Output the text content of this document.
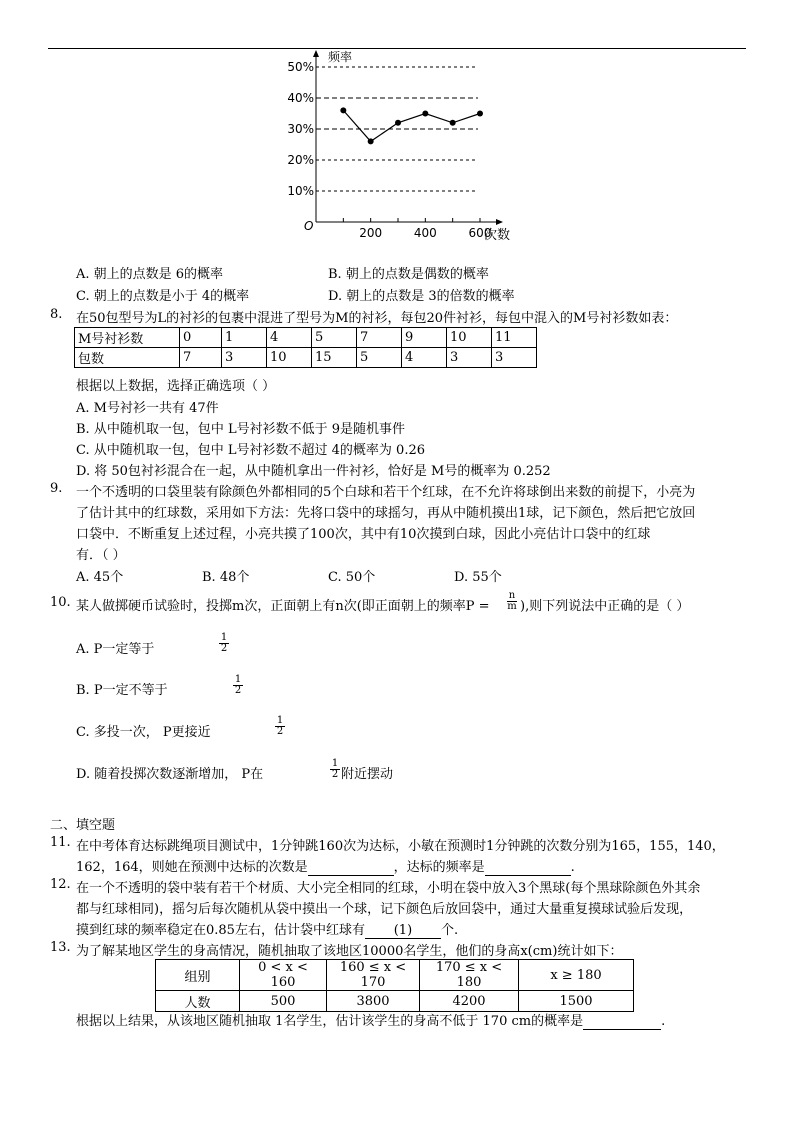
频率
次数
O
10%
20%
30%
40%
50%
200	400	600
A. 朝上的点数是 6的概率	B. 朝上的点数是偶数的概率
C. 朝上的点数是小于 4的概率	D. 朝上的点数是 3的倍数的概率
8. 在50包型号为L的衬衫的包裹中混进了型号为M的衬衫，每包20件衬衫，每包中混入的M号衬衫数如表：
M号衬衫数	0	1	4	5	7	9	10	11
包数	7	3	10	15	5	4	3	3
根据以上数据，选择正确选项（ ）
A. M号衬衫一共有 47件
B. 从中随机取一包，包中 L号衬衫数不低于 9是随机事件
C. 从中随机取一包，包中 L号衬衫数不超过 4的概率为 0.26
D. 将 50包衬衫混合在一起，从中随机拿出一件衬衫，恰好是 M号的概率为 0.252
9. 一个不透明的口袋里装有除颜色外都相同的5个白球和若干个红球，在不允许将球倒出来数的前提下，小亮为
了估计其中的红球数，采用如下方法：先将口袋中的球摇匀，再从中随机摸出1球，记下颜色，然后把它放回
口袋中．不断重复上述过程，小亮共摸了100次，其中有10次摸到白球，因此小亮估计口袋中的红球
有．（ ）
A. 45个	B. 48个	C. 50个	D. 55个
10. 某人做掷硬币试验时，投掷m次，正面朝上有n次(即正面朝上的频率$P = \frac{n}{m}$ ),则下列说法中正确的是（ ）
A. P一定等于	$\frac{1}{2}$
B. P一定不等于	$\frac{1}{2}$
C. 多投一次， P更接近	$\frac{1}{2}$
D. 随着投掷次数逐渐增加， P在	$\frac{1}{2}$ 附近摆动
二、填空题
11. 在中考体育达标跳绳项目测试中，1分钟跳160次为达标，小敏在预测时1分钟跳的次数分别为165，155，140，
162，164，则她在预测中达标的次数是	，达标的频率是	.
12. 在一个不透明的袋中装有若干个材质、大小完全相同的红球，小明在袋中放入3个黑球(每个黑球除颜色外其余
都与红球相同)，摇匀后每次随机从袋中摸出一个球，记下颜色后放回袋中，通过大量重复摸球试验后发现，
摸到红球的频率稳定在0.85左右，估计袋中红球有 (1) 个.
13. 为了解某地区学生的身高情况，随机抽取了该地区10000名学生，他们的身高x(cm)统计如下：
组别	0 < x < 160	160 ≤ x < 170	170 ≤ x < 180	x ≥ 180
人数	500	3800	4200	1500
根据以上结果，从该地区随机抽取 1名学生，估计该学生的身高不低于 170 cm的概率是	.
